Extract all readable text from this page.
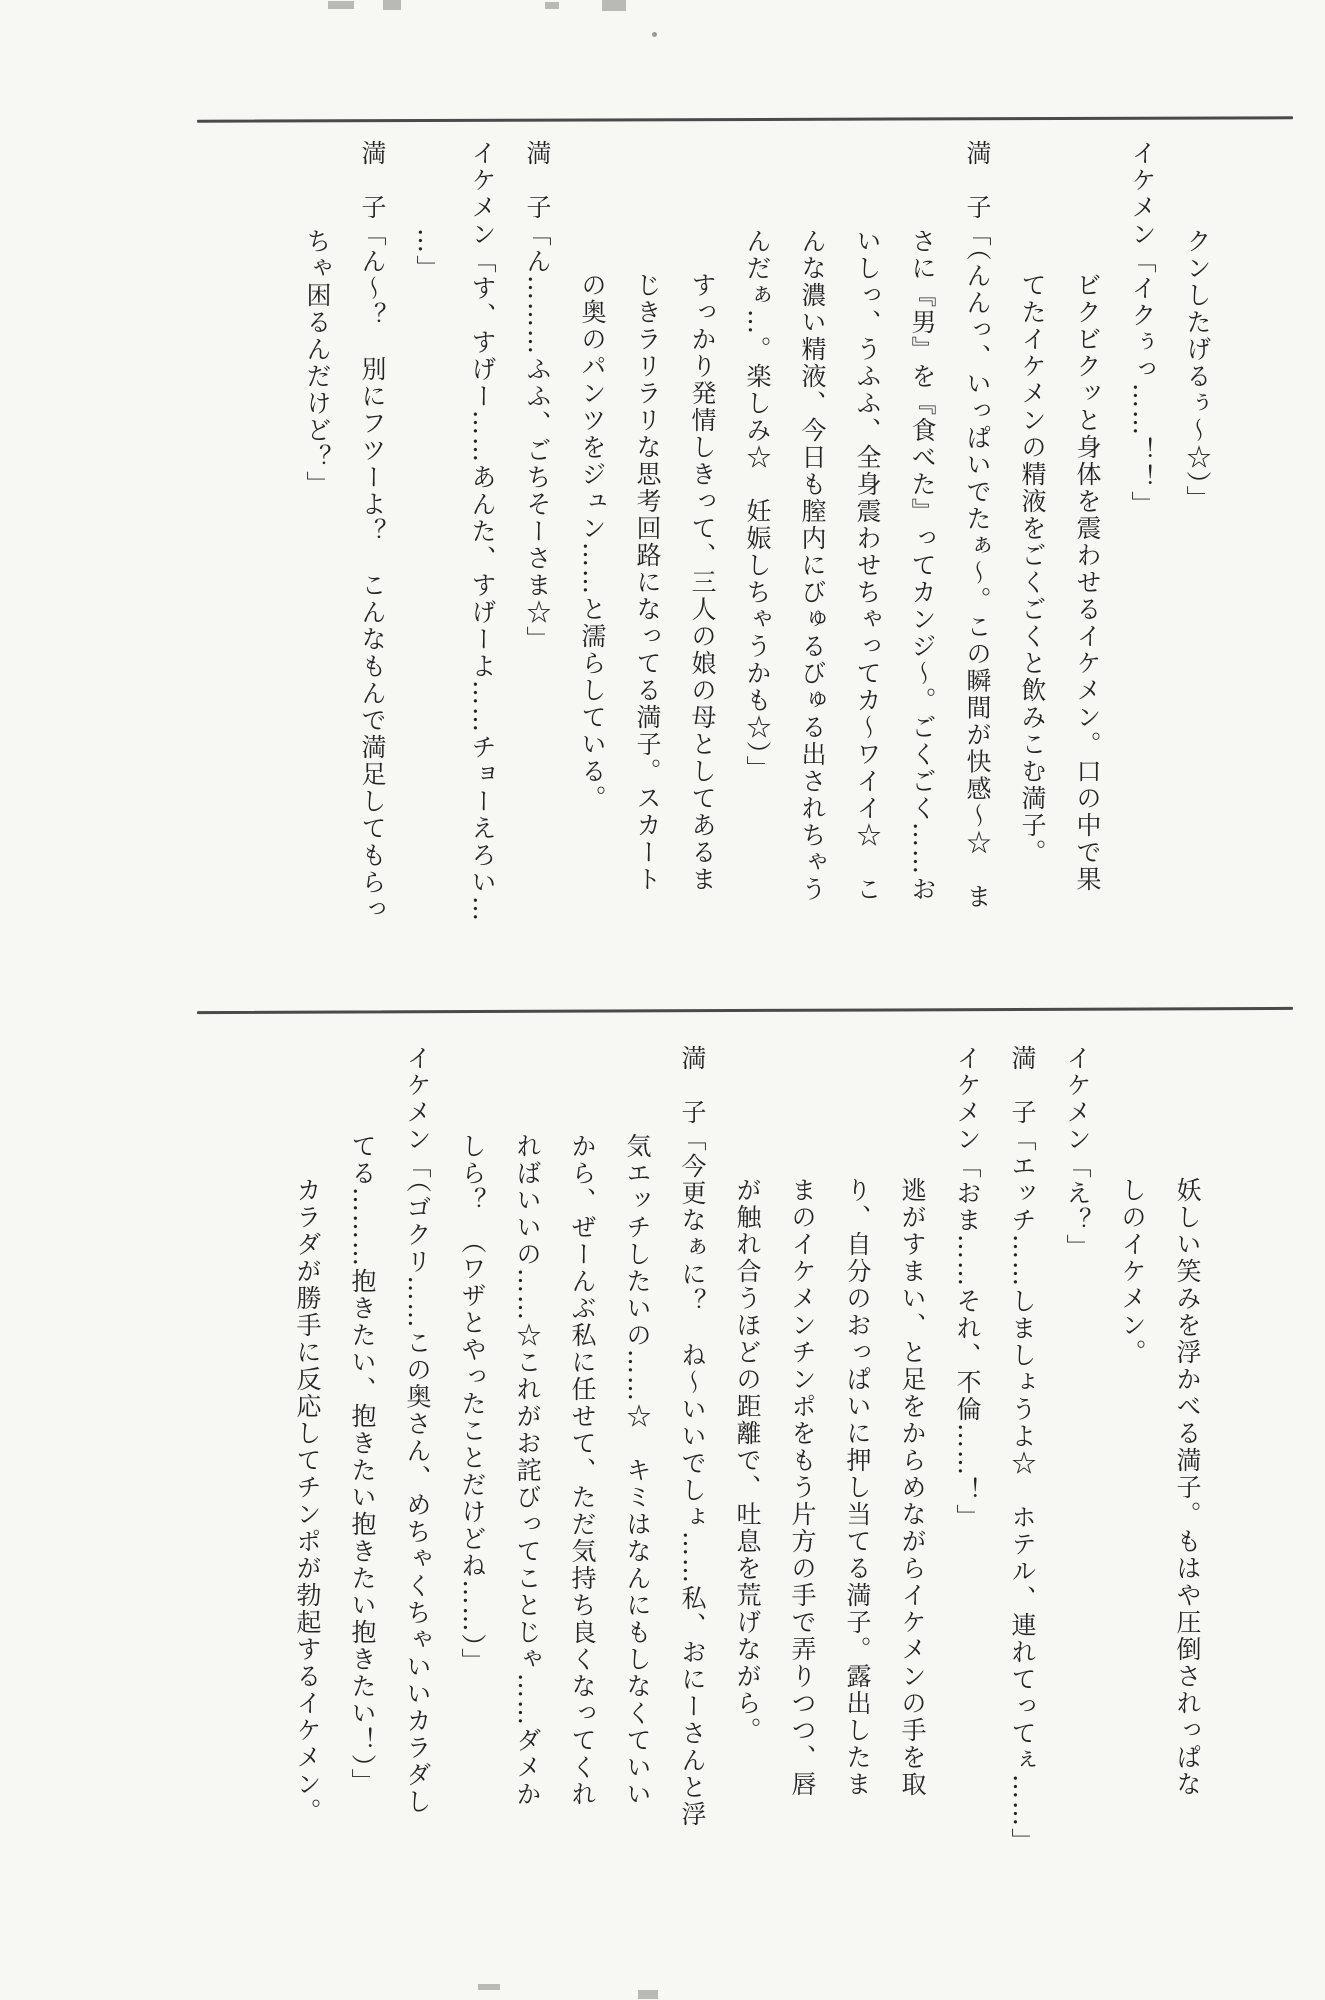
クンしたげるぅ～☆）」
イケメン「イクぅっ……！！」
ビクビクッと身体を震わせるイケメン。口の中で果
てたイケメンの精液をごくごくと飲みこむ満子。
満　子「（んんっ、いっぱいでたぁ～。この瞬間が快感～☆　ま
さに『男』を『食べた』ってカンジ～。ごくごく……お
いしっ、うふふ、全身震わせちゃってカ～ワイイ☆　こ
んな濃い精液、今日も膣内にびゅるびゅる出されちゃう
んだぁ…。楽しみ☆　妊娠しちゃうかも☆）」
すっかり発情しきって、三人の娘の母としてあるま
じきラリラリな思考回路になってる満子。スカート
の奥のパンツをジュン……と濡らしている。
満　子「ん………ふふ、ごちそーさま☆」
イケメン「す、すげー……あんた、すげーよ……チョーえろい…
…」
満　子「ん～？　別にフツーよ？　こんなもんで満足してもらっ
ちゃ困るんだけど？」
妖しい笑みを浮かべる満子。もはや圧倒されっぱな
しのイケメン。
イケメン「え？」
満　子「エッチ……しましょうよ☆　ホテル、連れてってぇ……」
イケメン「おま……それ、不倫……！」
逃がすまい、と足をからめながらイケメンの手を取
り、自分のおっぱいに押し当てる満子。露出したま
まのイケメンチンポをもう片方の手で弄りつつ、唇
が触れ合うほどの距離で、吐息を荒げながら。
満　子「今更なぁに？　ね～いいでしょ……私、おにーさんと浮
気エッチしたいの……☆　キミはなんにもしなくていい
から、ぜーんぶ私に任せて、ただ気持ち良くなってくれ
ればいいの……☆これがお詫びってことじゃ……ダメか
しら？　（ワザとやったことだけどね……）」
イケメン「（ゴクリ……この奥さん、めちゃくちゃいいカラダし
てる………抱きたい、抱きたい抱きたい抱きたい！）」
カラダが勝手に反応してチンポが勃起するイケメン。
